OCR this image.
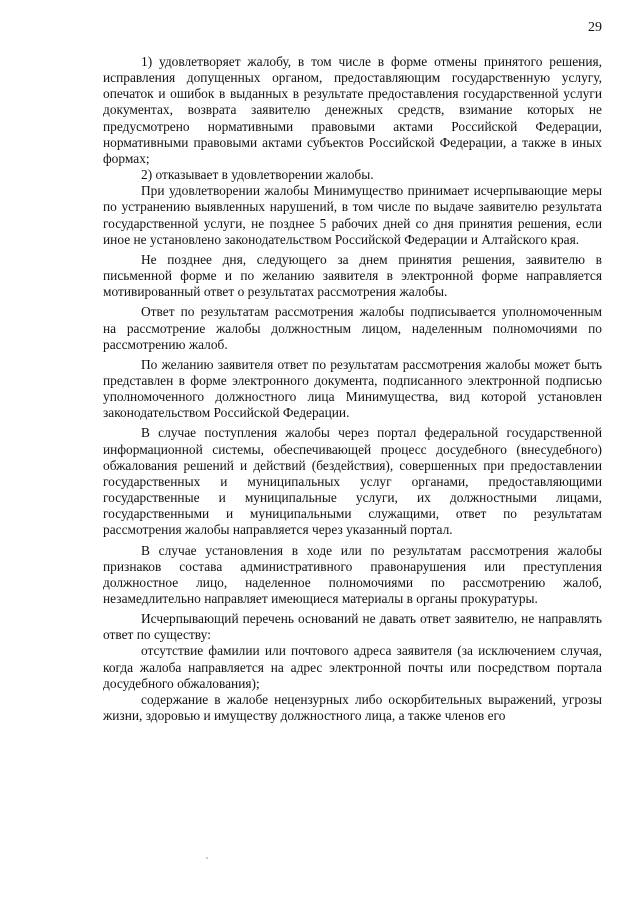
29

1) удовлетворяет жалобу, в том числе в форме отмены принятого решения, исправления допущенных органом, предоставляющим государственную услугу, опечаток и ошибок в выданных в результате предоставления государственной услуги документах, возврата заявителю денежных средств, взимание которых не предусмотрено нормативными правовыми актами Российской Федерации, нормативными правовыми актами субъектов Российской Федерации, а также в иных формах;

2) отказывает в удовлетворении жалобы.

При удовлетворении жалобы Минимущество принимает исчерпывающие меры по устранению выявленных нарушений, в том числе по выдаче заявителю результата государственной услуги, не позднее 5 рабочих дней со дня принятия решения, если иное не установлено законодательством Российской Федерации и Алтайского края.

Не позднее дня, следующего за днем принятия решения, заявителю в письменной форме и по желанию заявителя в электронной форме направляется мотивированный ответ о результатах рассмотрения жалобы.

Ответ по результатам рассмотрения жалобы подписывается уполномоченным на рассмотрение жалобы должностным лицом, наделенным полномочиями по рассмотрению жалоб.

По желанию заявителя ответ по результатам рассмотрения жалобы может быть представлен в форме электронного документа, подписанного электронной подписью уполномоченного должностного лица Минимущества, вид которой установлен законодательством Российской Федерации.

В случае поступления жалобы через портал федеральной государственной информационной системы, обеспечивающей процесс досудебного (внесудебного) обжалования решений и действий (бездействия), совершенных при предоставлении государственных и муниципальных услуг органами, предоставляющими государственные и муниципальные услуги, их должностными лицами, государственными и муниципальными служащими, ответ по результатам рассмотрения жалобы направляется через указанный портал.

В случае установления в ходе или по результатам рассмотрения жалобы признаков состава административного правонарушения или преступления должностное лицо, наделенное полномочиями по рассмотрению жалоб, незамедлительно направляет имеющиеся материалы в органы прокуратуры.

Исчерпывающий перечень оснований не давать ответ заявителю, не направлять ответ по существу:

отсутствие фамилии или почтового адреса заявителя (за исключением случая, когда жалоба направляется на адрес электронной почты или посредством портала досудебного обжалования);

содержание в жалобе нецензурных либо оскорбительных выражений, угрозы жизни, здоровью и имуществу должностного лица, а также членов его
